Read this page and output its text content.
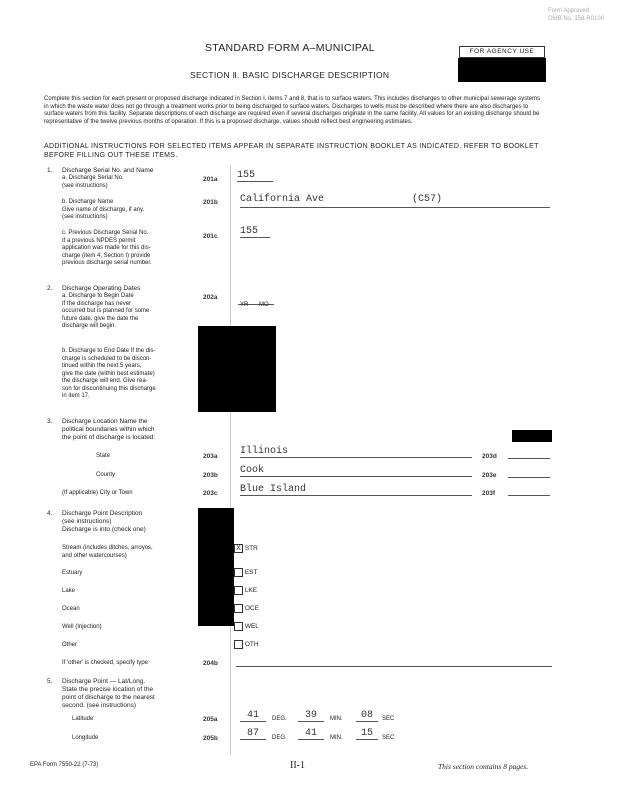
Form Approved
OMB No. 158-R0100
STANDARD FORM A–MUNICIPAL	FOR AGENCY USE
SECTION Ⅱ. BASIC DISCHARGE DESCRIPTION
Complete this section for each present or proposed discharge indicated in Section I, items 7 and 8, that is to surface waters. This includes discharges to other municipal sewerage systems in which the waste water does not go through a treatment works prior to being discharged to surface waters. Discharges to wells must be described where there are also discharges to surface waters from this facility. Separate descriptions of each discharge are required even if several discharges originate in the same facility. All values for an existing discharge should be representative of the twelve previous months of operation. If this is a proposed discharge, values should reflect best engineering estimates.
ADDITIONAL INSTRUCTIONS FOR SELECTED ITEMS APPEAR IN SEPARATE INSTRUCTION BOOKLET AS INDICATED. REFER TO BOOKLET BEFORE FILLING OUT THESE ITEMS.
1. Discharge Serial No. and Name
a. Discharge Serial No.
(see instructions)
201a 155
b. Discharge Name
Give name of discharge, if any.
(see instructions)
201b California Ave	(C57)
c. Previous Discharge Serial No.
If a previous NPDES permit
application was made for this dis-
charge (item 4, Section I) provide
previous discharge serial number.
201c 155
2. Discharge Operating Dates
a. Discharge to Begin Date
If the discharge has never
occurred but is planned for some
future date, give the date the
discharge will begin.
202a
YR MO
b. Discharge to End Date If the dis-
charge is scheduled to be discon-
tinued within the next 5 years,
give the date (within best estimate)
the discharge will end. Give rea-
son for discontinuing this discharge
in item 17.
3. Discharge Location Name the
political boundaries within which
the point of discharge is located:
State	203a Illinois	203d
County	203b Cook	203e
(If applicable) City or Town	203c Blue Island	203f
4. Discharge Point Description
(see instructions)
Discharge is into (check one)
Stream (includes ditches, arroyos,
and other watercourses)
X STR
Estuary	EST
Lake	LKE
Ocean	OCE
Well (Injection)	WEL
Other	OTH
If 'other' is checked, specify type	204b
5. Discharge Point — Lat/Long.
State the precise location of the
point of discharge to the nearest
second. (see instructions)
Latitude	205a	41	DEG.	39	MIN.	08	SEC
Longitude	205b	87	DEG.	41	MIN.	15	SEC
EPA Form 7550-22 (7-73)	II-1	This section contains 8 pages.
